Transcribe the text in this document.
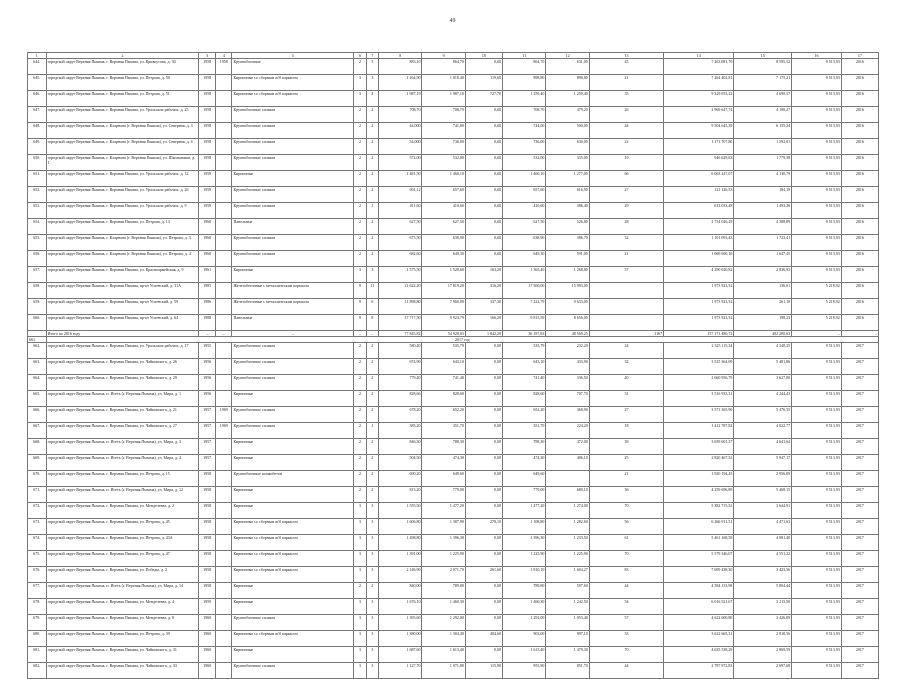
49
1	2	3	4	5	6	7	8	9	10	11	12	13	14	15	16	17
644.	городской округ Верхняя Пышма, г. Верхняя Пышма, ул. Кривоусова, д. 30	1958	1958	Крупноблочные	2	3	883,10	864,70	0,00	864,70	631,00	45	7 463 081,70	8 595,52	9 513,93	2016
645.	городской округ Верхняя Пышма, г. Верхняя Пышма, ул. Петрова, д. 50	1958		Кирпичные со сборным ж/б каркасом	3	3	1 264,90	1 018,40	119,60	898,80	898,80	21	7 264 402,81	7 175,21	9 513,93	2016
646.	городской округ Верхняя Пышма, г. Верхняя Пышма, ул. Петрова, д. 51	1958		Кирпичные со сборным ж/б каркасом	3	4	1 987,19	1 987,10	727,70	1 259,40	1 259,40	35	9 329 053,22	4 690,57	9 513,93	2016
647.	городской округ Верхняя Пышма, г. Верхняя Пышма, ул. Уральских рабочих, д. 25	1958		Крупноблочные силикат	2	2	708,70	708,70	0,00	708,70	479,20	26	2 969 647,74	4 190,27	9 513,93	2016
648.	городской округ Верхняя Пышма, г. Кларнова (г. Верхняя Пышма), ул. Северная, д. 3	1958		Крупноблочные силикат	2	2	44,000	741,00	0,00	744,00	500,00	44	9 504 645,39	6 155,34	9 513,93	2016
649.	городской округ Верхняя Пышма, г. Кларнова (г. Верхняя Пышма), ул. Северная, д. 6	1958		Крупноблочные силикат	2	2	54,000	736,00	0,00	736,00	630,00	22	1 171 707,80	1 592,01	9 513,93	2016
650.	городской округ Верхняя Пышма, г. Кларнова (г. Верхняя Пышма), ул. Школьников, д. 1	1958		Крупноблочные силикат	2	2	572,00	532,00	0,00	532,00	335,00	19	946 629,63	1 779,38	9 513,93	2016
651.	городской округ Верхняя Пышма, г. Верхняя Пышма, ул. Уральских рабочих, д. 12	1959		Кирпичные	2	2	1 481,50	1 460,10	0,00	1 460,10	1 277,00	66	6 063 247,07	4 130,79	9 513,93	2016
652.	городской округ Верхняя Пышма, г. Верхняя Пышма, ул. Уральских рабочих, д. 26	1959		Крупноблочные силикат	2	2	691,12	657,60	0,00	657,60	616,90	27	121 126,53	184,19	9 513,93	2016
653.	городской округ Верхняя Пышма, г. Верхняя Пышма, ул. Уральских рабочих, д. 9	1959		Крупноблочные силикат	2	1	411,60	410,60	0,00	410,60	386,40	29	613 033,48	1 493,26	9 513,93	2016
654.	городской округ Верхняя Пышма, г. Верхняя Пышма, ул. Петрова, д. 13	1960		Панельные	2	2	627,50	627,50	0,00	627,50	526,80	28	2 754 026,29	4 388,89	9 513,93	2016
655.	городской округ Верхняя Пышма, г. Кларнова (г. Верхняя Пышма), ул. Петрова, д. 3	1960		Крупноблочные силикат	2	2	675,50	638,90	0,00	638,90	386,70	32	1 101 093,43	1 723,41	9 513,93	2016
656.	городской округ Верхняя Пышма, г. Кларнова (г. Верхняя Пышма), ул. Петрова, д. 4	1960		Крупноблочные силикат	2	2	682,60	649,30	0,00	649,30	591,00	21	1 069 690,16	1 647,45	9 513,93	2016
657.	городской округ Верхняя Пышма, г. Верхняя Пышма, ул. Красноармейская, д. 9	1961		Кирпичные	3	3	1 575,50	1 528,60	163,20	1 365,40	1 268,80	57	4 290 020,82	2 836,93	9 513,93	2016
658.	городской округ Верхняя Пышма, г. Верхняя Пышма, пр-кт Успенский, д. 31А	1985		Железобетонные с металлическим каркасом	9	11	21 622,20	17 819,20	316,20	17 500,00	15 993,00		1 973 923,52	136,01	5 218,92	2016
659.	городской округ Верхняя Пышма, г. Верхняя Пышма, пр-кт Успенский, д. 59	1986		Железобетонные с металлическим каркасом	9	6	11 898,80	7 960,09	337,30	7 222,79	9 633,00		1 973 923,52	261,10	5 218,92	2016
660.	городской округ Верхняя Пышма, г. Верхняя Пышма, пр-кт Успенский, д. 64	1988		Панельные	9	8	17 717,50	9 923,79	166,20	9 813,59	8 656,00		1 973 923,52	198,23	5 218,92	2016
	Итого по 2016 году	–	–	–	–	–	77 845,82	54 928,03	1 842,20	36 187,83	48 569,25	1167	157 171 480,72	492 200,63	–	–
661.	2017 год															
662.	городской округ Верхняя Пышма, г. Верхняя Пышма, ул. Уральских рабочих, д. 17	1955		Крупноблочные силикат	2	2	580,40	535,79	0,00	535,79	232,20	24	2 325 115,34	4 340,25	9 513,93	2017
663.	городской округ Верхняя Пышма, г. Верхняя Пышма, ул. Чайковского, д. 26	1956		Крупноблочные силикат	2	2	674,90	643,10	0,00	643,10	433,90	32	3 525 364,09	5 481,86	9 513,93	2017
664.	городской округ Верхняя Пышма, г. Верхняя Пышма, ул. Чайковского, д. 29	1956		Крупноблочные силикат	2	2	779,40	741,40	0,00	741,40	336,50	40	2 660 956,79	3 627,00	9 513,93	2017
665.	городской округ Верхняя Пышма, п. Исеть (г. Верхняя Пышма), ул. Мира, д. 1	1956		Кирпичные	2	2	828,66	828,60	0,00	828,60	707,70	31	3 516 933,31	4 244,43	9 513,93	2017
666.	городской округ Верхняя Пышма, г. Верхняя Пышма, ул. Чайковского, д. 21	1957	1969	Крупноблочные силикат	2	2	678,20	652,20	0,00	652,20	368,90	27	3 571 365,90	5 476,35	9 513,93	2017
667.	городской округ Верхняя Пышма, г. Верхняя Пышма, ул. Чайковского, д. 27	1957	1969	Крупноблочные силикат	2	1	385,20	351,70	0,00	351,70	224,20	18	1 412 787,82	4 022,77	9 513,93	2017
668.	городской округ Верхняя Пышма, п. Исеть (г. Верхняя Пышма), ул. Мира, д. 3	1957		Кирпичные	2	2	846,30	788,30	0,00	788,30	472,00	39	3 659 601,37	4 641,64	9 513,93	2017
669.	городской округ Верхняя Пышма, п. Исеть (г. Верхняя Пышма), ул. Мира, д. 4	1957		Кирпичные	2	2	504,50	474,30	0,00	474,30	406,10	25	2 820 467,52	5 947,17	9 513,93	2017
670.	городской округ Верхняя Пышма, г. Верхняя Пышма, ул. Петрова, д. 15	1958		Крупноблочные шлакобетон	2	2	690,20	649,60	0,00	649,60		21	1 920 194,45	2 956,09	9 513,93	2017
671.	городской округ Верхняя Пышма, п. Исеть (г. Верхняя Пышма), ул. Мира, д. 12	1958		Кирпичные	2	2	813,20	779,00	0,00	779,00	680,10	36	4 259 696,89	5 468,15	9 513,93	2017
672.	городской округ Верхняя Пышма, г. Верхняя Пышма, ул. Менделеева, д. 2	1958		Кирпичные	3	3	1 555,50	1 477,20	0,00	1 477,20	1 274,00	70	5 382 715,52	3 644,91	9 513,93	2017
673.	городской округ Верхняя Пышма, г. Верхняя Пышма, ул. Петрова, д. 45	1958		Кирпичные со сборным ж/б каркасом	3	3	1 606,80	1 387,90	279,10	1 108,80	1 282,60	56	6 266 912,51	4 471,63	9 513,93	2017
674.	городской округ Верхняя Пышма, г. Верхняя Пышма, ул. Петрова, д. 43А	1958		Кирпичные со сборным ж/б каркасом	3	3	1 498,80	1 396,30	0,00	1 396,30	1 233,50	61	5 461 168,59	4 081,40	9 513,93	2017
675.	городской округ Верхняя Пышма, г. Верхняя Пышма, ул. Петрова, д. 47	1958		Кирпичные со сборным ж/б каркасом	3	3	1 391,00	1 225,90	0,00	1 225,90	1 225,90	70	5 579 346,07	4 551,22	9 513,93	2017
676.	городской округ Верхняя Пышма, г. Верхняя Пышма, ул. Победы, д. 2	1958		Кирпичные со сборным ж/б каркасом	3	3	2 146,90	2 071,70	261,60	1 810,10	1 604,27	83	7 699 438,30	3 423,56	9 513,93	2017
677.	городской округ Верхняя Пышма, п. Исеть (г. Верхняя Пышма), ул. Мира, д. 14	1958		Кирпичные	2	2	840,00	789,80	0,00	789,80	597,60	44	4 584 133,98	5 804,44	9 513,93	2017
678.	городской округ Верхняя Пышма, г. Верхняя Пышма, ул. Менделеева, д. 4	1959		Кирпичные	3	3	1 676,10	1 460,30	0,00	1 460,30	1 242,50	54	6 016 521,67	3 215,50	9 513,93	2017
679.	городской округ Верхняя Пышма, г. Верхняя Пышма, ул. Менделеева, д. 8	1960		Крупноблочные силикат	3	3	1 395,60	1 292,00	0,00	1 292,00	1 053,40	57	4 622 600,80	3 426,09	9 513,93	2017
680.	городской округ Верхняя Пышма, г. Верхняя Пышма, ул. Петрова, д. 39	1960		Кирпичные со сборным ж/б каркасом	3	3	1 380,00	1 304,40	404,60	903,00	997,10	33	3 622 665,31	2 810,56	9 513,93	2017
681.	городской округ Верхняя Пышма, г. Верхняя Пышма, ул. Чайковского, д. 31	1960		Кирпичные	3	3	1 687,60	1 613,40	0,00	1 613,40	1 479,30	70	4 635 538,29	2 869,59	9 513,93	2017
682.	городской округ Верхняя Пышма, г. Верхняя Пышма, ул. Чайковского, д. 33	1960		Крупноблочные силикат	3	3	1 127,70	1 071,80	115,90	955,90	851,70	44	2 787 972,83	2 697,68	9 513,93	2017
